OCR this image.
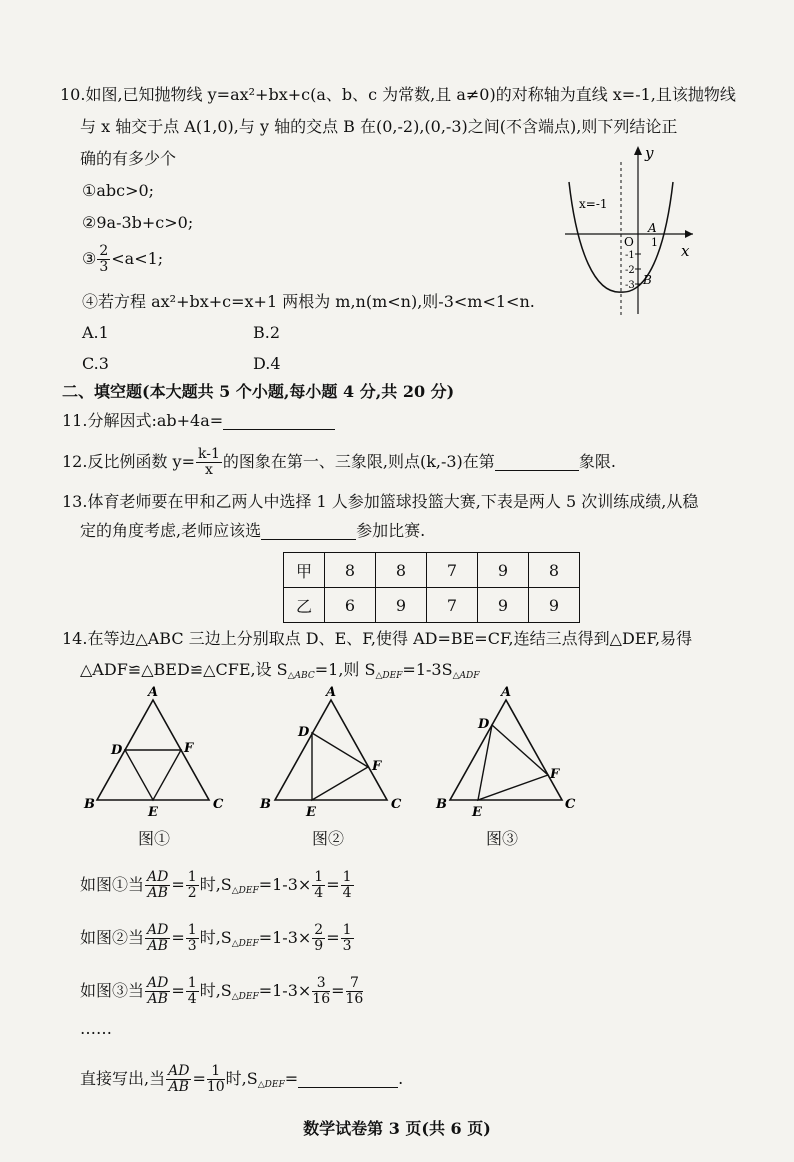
10.如图,已知抛物线 y=ax²+bx+c(a、b、c 为常数,且 a≠0)的对称轴为直线 x=-1,且该抛物线
与 x 轴交于点 A(1,0),与 y 轴的交点 B 在(0,-2),(0,-3)之间(不含端点),则下列结论正
确的有多少个
①abc>0;
②9a-3b+c>0;
③ $\frac{2}{3} <a<1$;
④若方程 ax²+bx+c=x+1 两根为 m,n(m<n),则-3<m<1<n.
A.1	B.2
C.3	D.4
y
x
x=-1
O
A
1
-1
-2
-3 B
二、填空题(本大题共 5 个小题,每小题 4 分,共 20 分)
11.分解因式:ab+4a=
12.反比例函数 $y= \frac{k-1}{x}$ 的图象在第一、三象限,则点(k,-3)在第	象限.
13.体育老师要在甲和乙两人中选择 1 人参加篮球投篮大赛,下表是两人 5 次训练成绩,从稳
定的角度考虑,老师应该选	参加比赛.
甲	8	8	7	9	8
乙	6	9	7	9	9
14.在等边△ABC 三边上分别取点 D、E、F,使得 AD=BE=CF,连结三点得到△DEF,易得
△ADF≌△BED≌△CFE,设 $S_{\triangle ABC}=1$,则 $S_{\triangle DEF}=1-3S_{\triangle ADF}$
A
B	C
D
E
F
A
B	C
D
E
F
A
B	C
D
E
F
图①	图②	图③
如图①当 $\frac{AD}{AB} = \frac{1}{2}$ 时$,S_{\triangle DEF}=1-3\times \frac{1}{4} = \frac{1}{4}$
如图②当 $\frac{AD}{AB} = \frac{1}{3}$ 时$,S_{\triangle DEF}=1-3\times \frac{2}{9} = \frac{1}{3}$
如图③当 $\frac{AD}{AB} = \frac{1}{4}$ 时$,S_{\triangle DEF}=1-3\times \frac{3}{16} = \frac{7}{16}$
……
直接写出,当 $\frac{AD}{AB} = \frac{1}{10}$ 时$,S_{\triangle DEF}=$	.
数学试卷第 3 页(共 6 页)
